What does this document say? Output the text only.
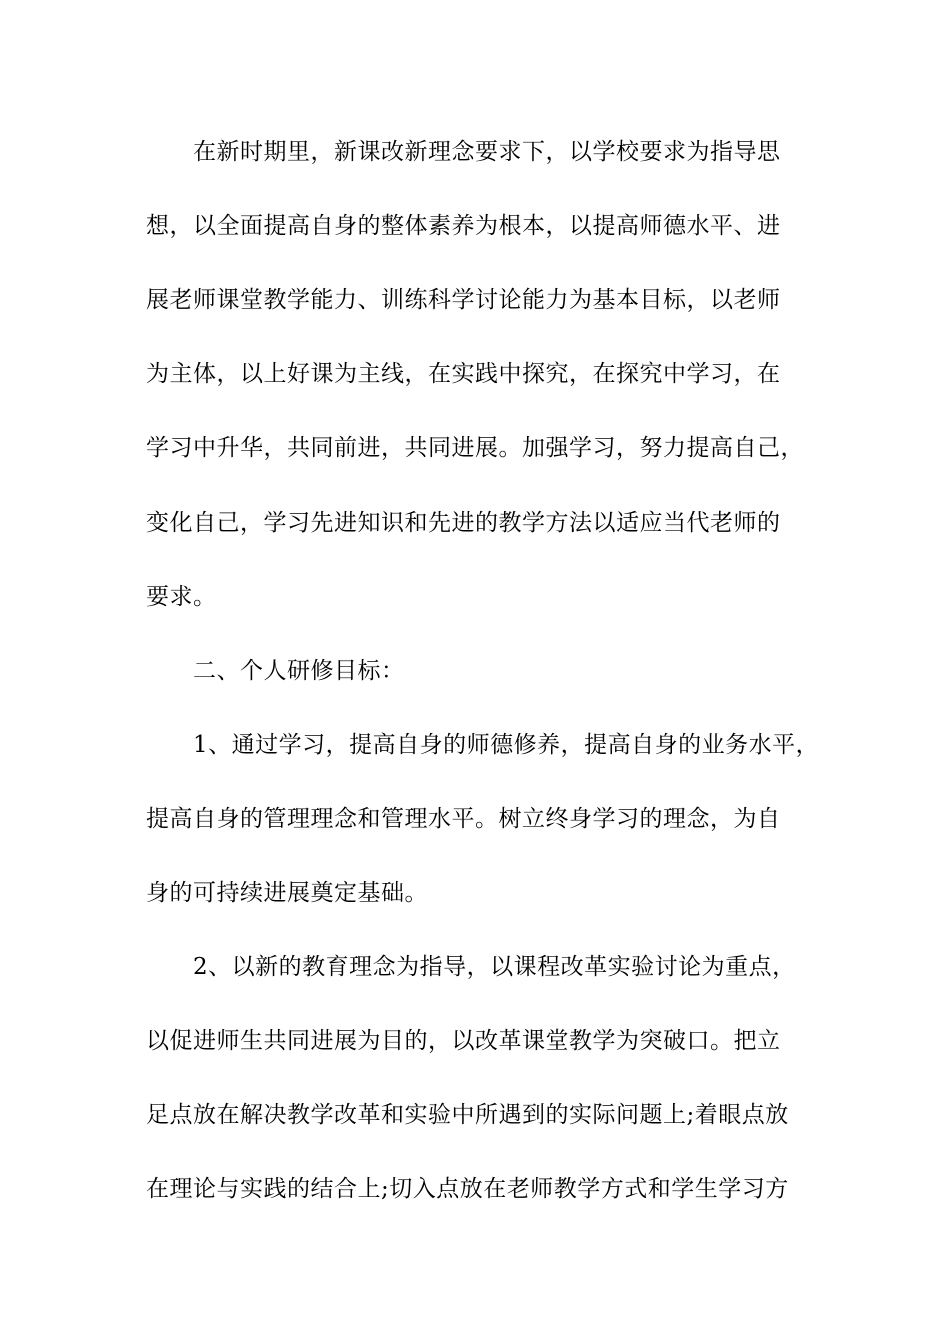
　　在新时期里，新课改新理念要求下，以学校要求为指导思
想，以全面提高自身的整体素养为根本，以提高师德水平、进
展老师课堂教学能力、训练科学讨论能力为基本目标，以老师
为主体，以上好课为主线，在实践中探究，在探究中学习，在
学习中升华，共同前进，共同进展。加强学习，努力提高自己，
变化自己，学习先进知识和先进的教学方法以适应当代老师的
要求。
　　二、个人研修目标：
　　1、通过学习，提高自身的师德修养，提高自身的业务水平，
提高自身的管理理念和管理水平。树立终身学习的理念，为自
身的可持续进展奠定基础。
　　2、以新的教育理念为指导，以课程改革实验讨论为重点，
以促进师生共同进展为目的，以改革课堂教学为突破口。把立
足点放在解决教学改革和实验中所遇到的实际问题上;着眼点放
在理论与实践的结合上;切入点放在老师教学方式和学生学习方
